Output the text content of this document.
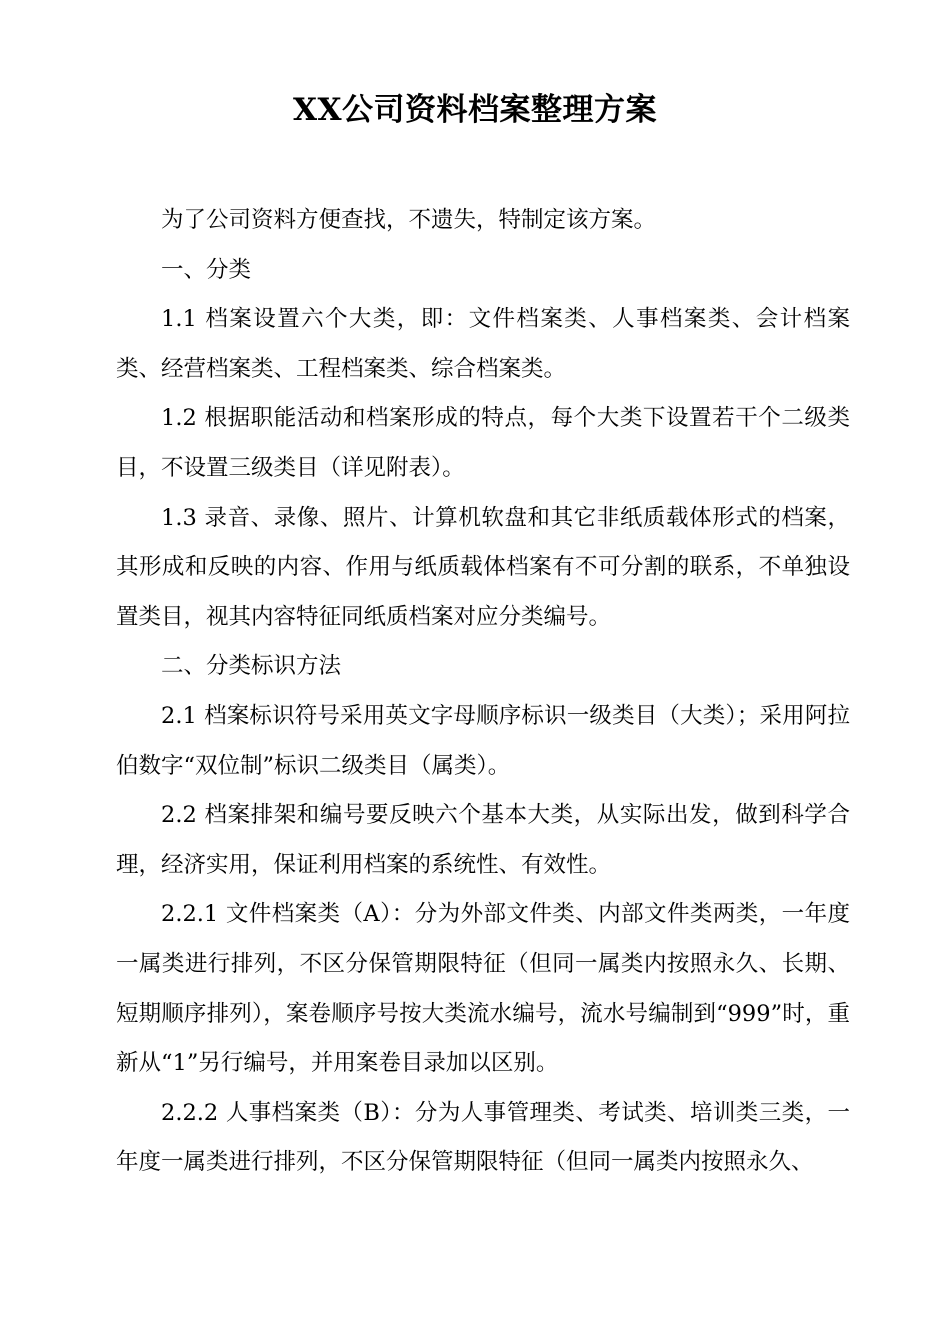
XX公司资料档案整理方案

为了公司资料方便查找，不遗失，特制定该方案。

一、分类

1.1 档案设置六个大类，即：文件档案类、人事档案类、会计档案类、经营档案类、工程档案类、综合档案类。

1.2 根据职能活动和档案形成的特点，每个大类下设置若干个二级类目，不设置三级类目（详见附表）。

1.3 录音、录像、照片、计算机软盘和其它非纸质载体形式的档案，其形成和反映的内容、作用与纸质载体档案有不可分割的联系，不单独设置类目，视其内容特征同纸质档案对应分类编号。

二、分类标识方法

2.1 档案标识符号采用英文字母顺序标识一级类目（大类）；采用阿拉伯数字“双位制”标识二级类目（属类）。

2.2 档案排架和编号要反映六个基本大类，从实际出发，做到科学合理，经济实用，保证利用档案的系统性、有效性。

2.2.1 文件档案类（A）：分为外部文件类、内部文件类两类，一年度一属类进行排列，不区分保管期限特征（但同一属类内按照永久、长期、短期顺序排列），案卷顺序号按大类流水编号，流水号编制到“999”时，重新从“1”另行编号，并用案卷目录加以区别。

2.2.2 人事档案类（B）：分为人事管理类、考试类、培训类三类，一年度一属类进行排列，不区分保管期限特征（但同一属类内按照永久、
